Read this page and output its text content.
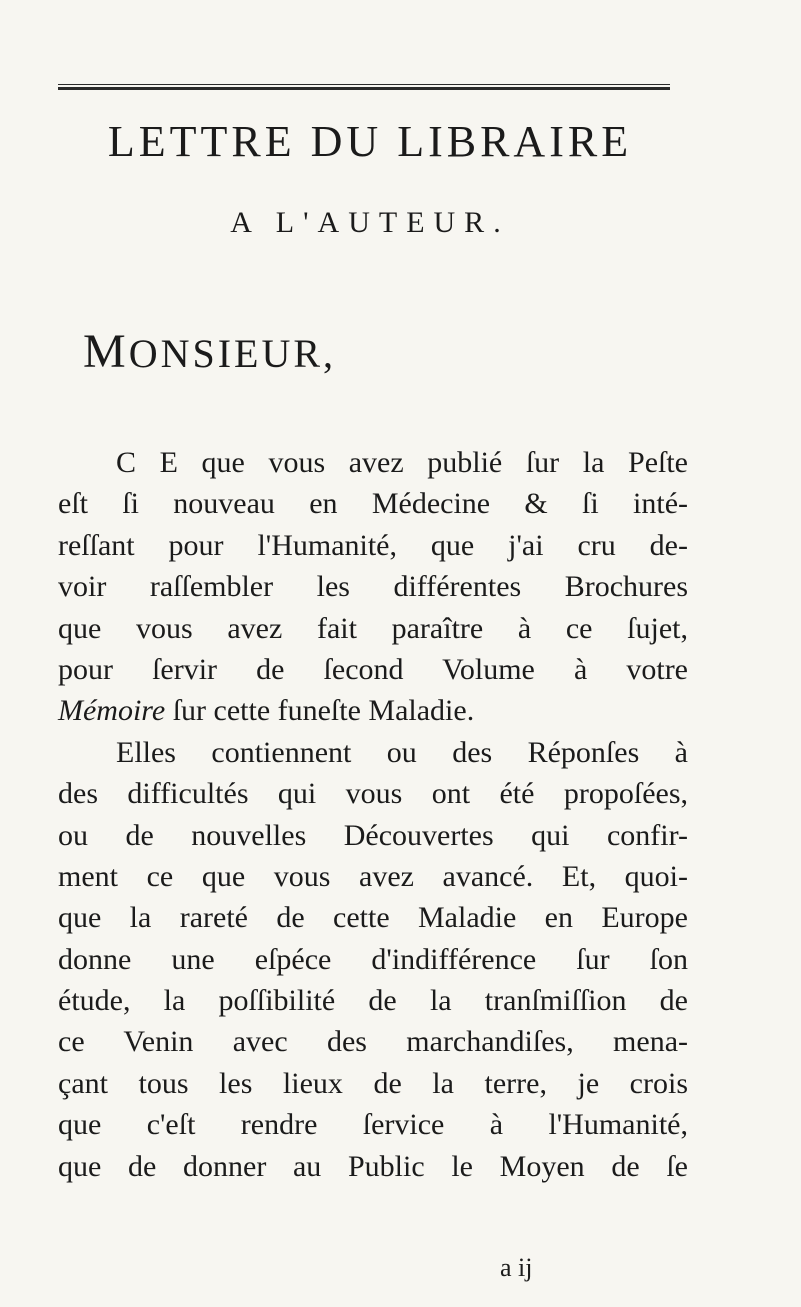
LETTRE DU LIBRAIRE
A L'AUTEUR.
MONSIEUR,
C E que vous avez publié ſur la Peſte
eſt ſi nouveau en Médecine & ſi inté-
reſſant pour l'Humanité, que j'ai cru de-
voir raſſembler les différentes Brochures
que vous avez fait paraître à ce ſujet,
pour ſervir de ſecond Volume à votre
Mémoire ſur cette funeſte Maladie.
Elles contiennent ou des Réponſes à
des difficultés qui vous ont été propoſées,
ou de nouvelles Découvertes qui confir-
ment ce que vous avez avancé. Et, quoi-
que la rareté de cette Maladie en Europe
donne une eſpéce d'indifférence ſur ſon
étude, la poſſibilité de la tranſmiſſion de
ce Venin avec des marchandiſes, mena-
çant tous les lieux de la terre, je crois
que c'eſt rendre ſervice à l'Humanité,
que de donner au Public le Moyen de ſe
a ij
